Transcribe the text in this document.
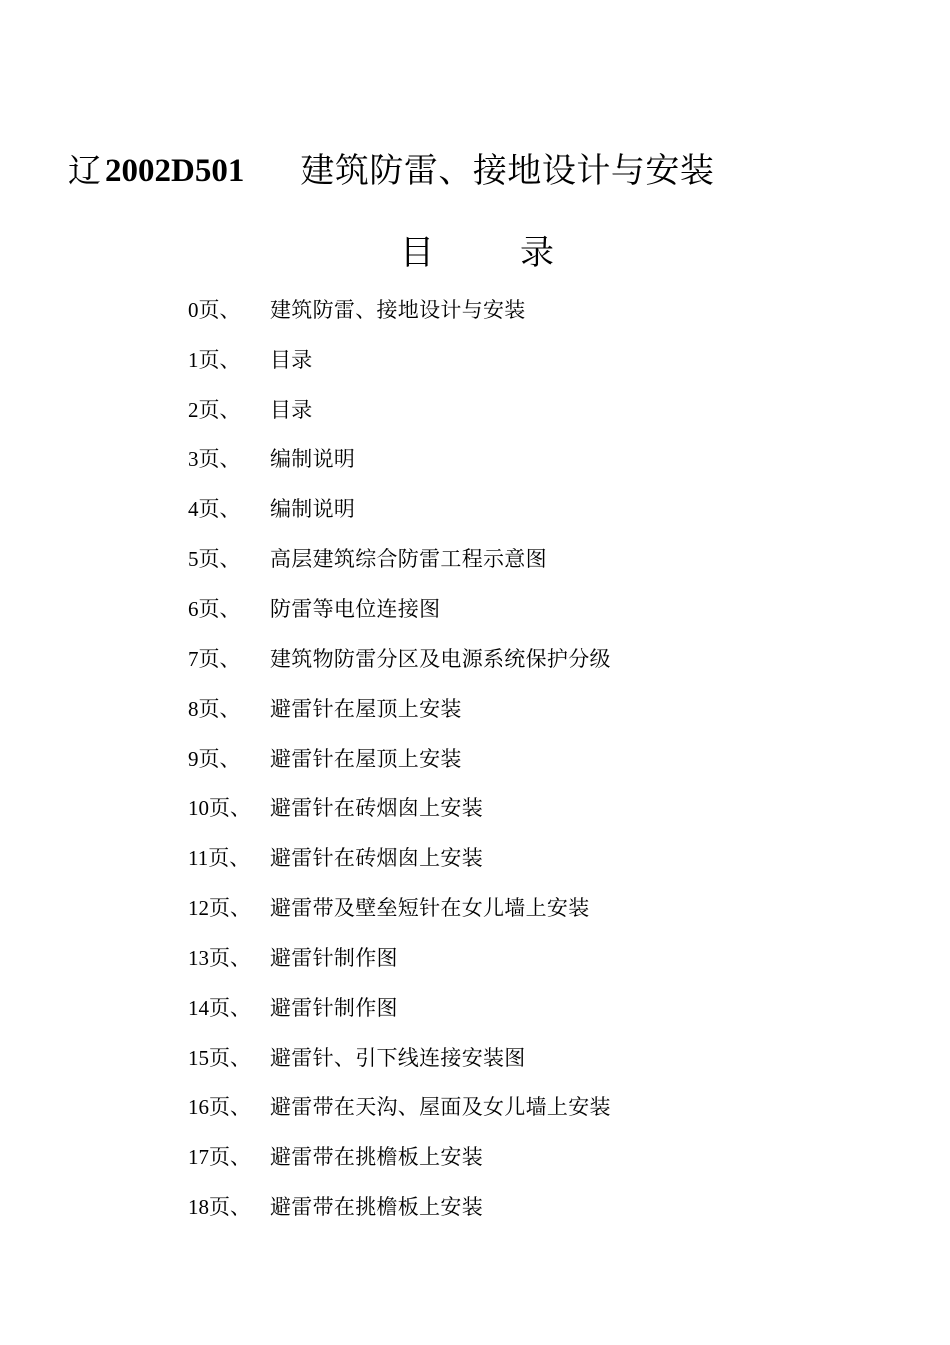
辽 2002D501 建筑防雷、接地设计与安装
目	录
0页、	建筑防雷、接地设计与安装
1页、	目录
2页、	目录
3页、	编制说明
4页、	编制说明
5页、	高层建筑综合防雷工程示意图
6页、	防雷等电位连接图
7页、	建筑物防雷分区及电源系统保护分级
8页、	避雷针在屋顶上安装
9页、	避雷针在屋顶上安装
10页、 避雷针在砖烟囱上安装
11页、 避雷针在砖烟囱上安装
12页、 避雷带及壁垒短针在女儿墙上安装
13页、 避雷针制作图
14页、 避雷针制作图
15页、 避雷针、引下线连接安装图
16页、 避雷带在天沟、屋面及女儿墙上安装
17页、 避雷带在挑檐板上安装
18页、 避雷带在挑檐板上安装
